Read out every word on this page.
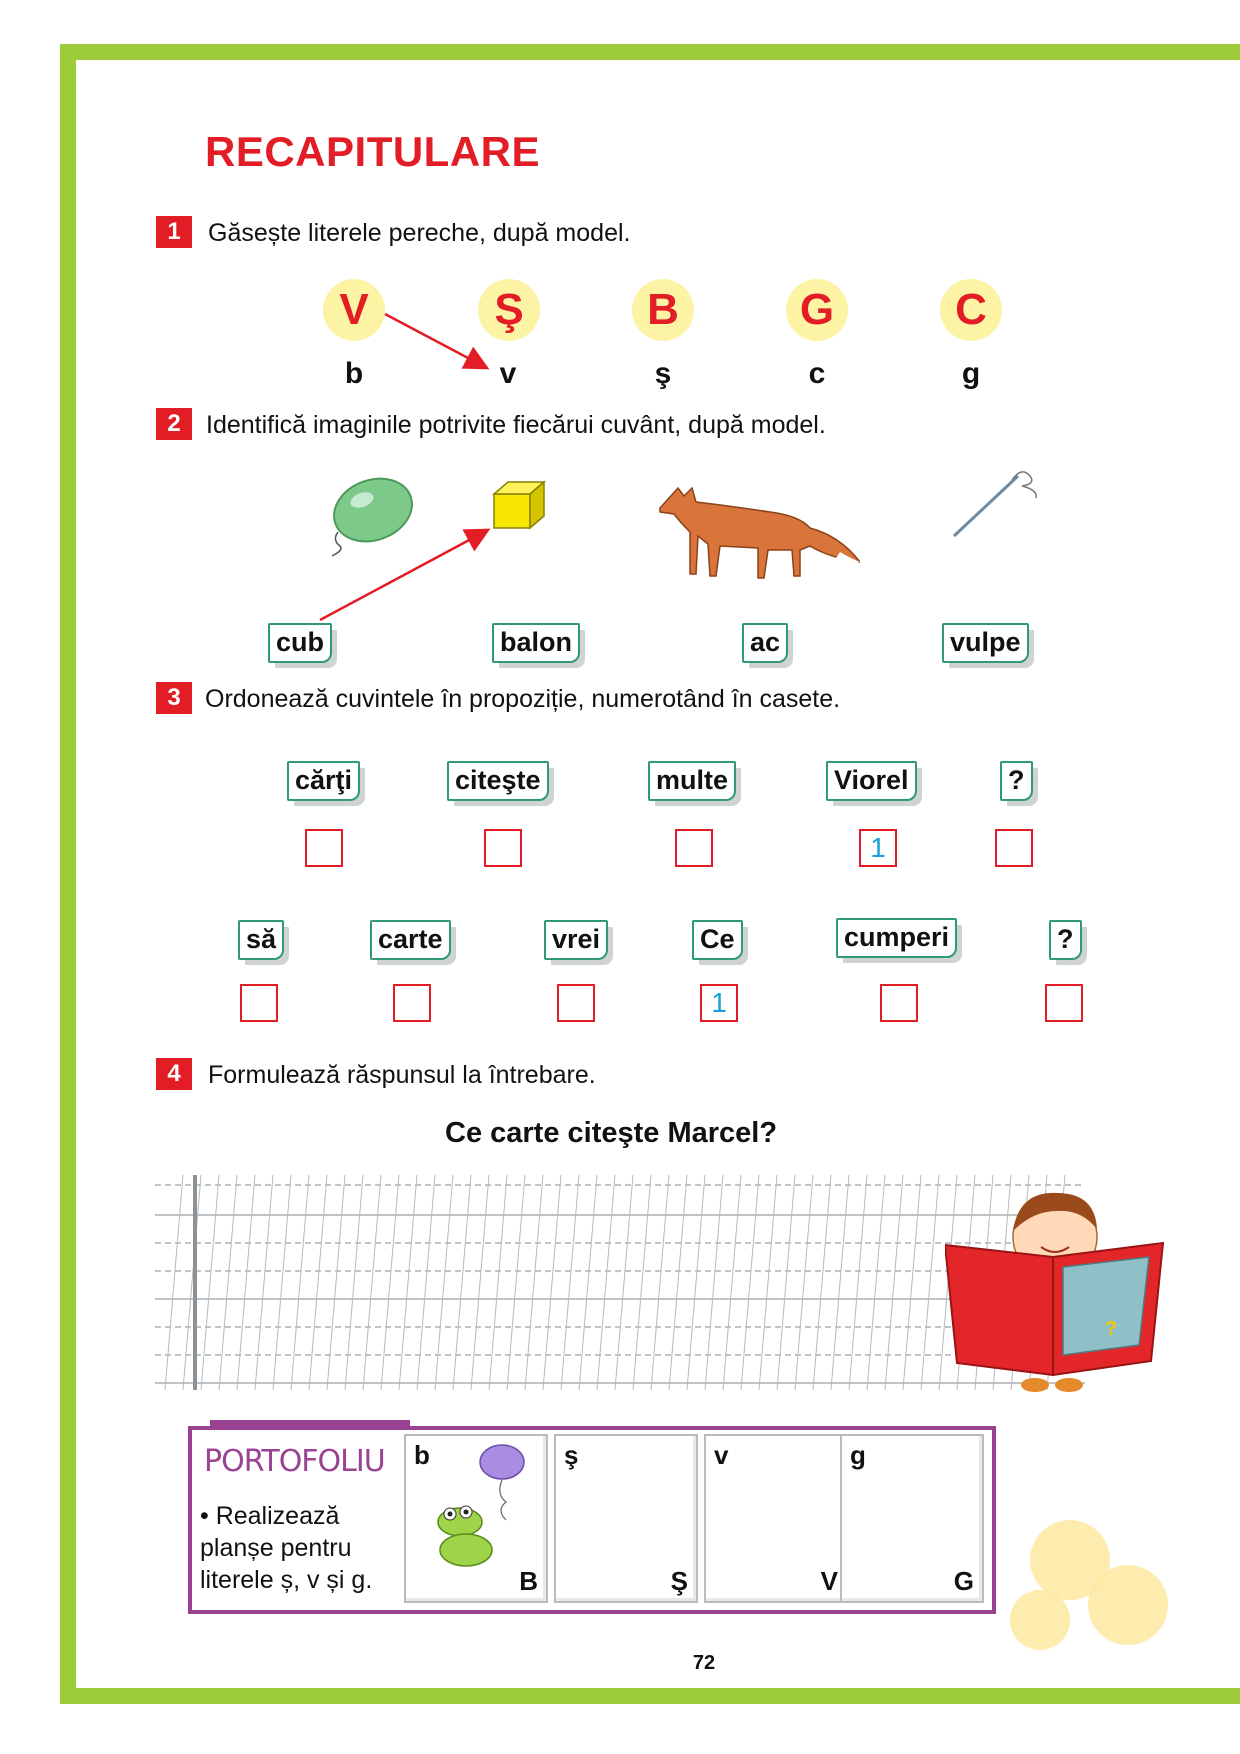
RECAPITULARE
1	Găsește literele pereche, după model.
2	Identifică imaginile potrivite fiecărui cuvânt, după model.
3 Ordonează cuvintele în propoziție, numerotând în casete.
4	Formulează răspunsul la întrebare.
V	Ş	B	G	C
b	v	ş	c	g
cub	balon	ac	vulpe
cărţi	citeşte	multe	Viorel	?
1
să	carte	vrei	Ce	cumperi	?
1
Ce carte citeşte Marcel?
?
PORTOFOLIU
• Realizează planșe pentru literele ș, v și g.
b
B
ş
Ş
v
V
g
G
72
